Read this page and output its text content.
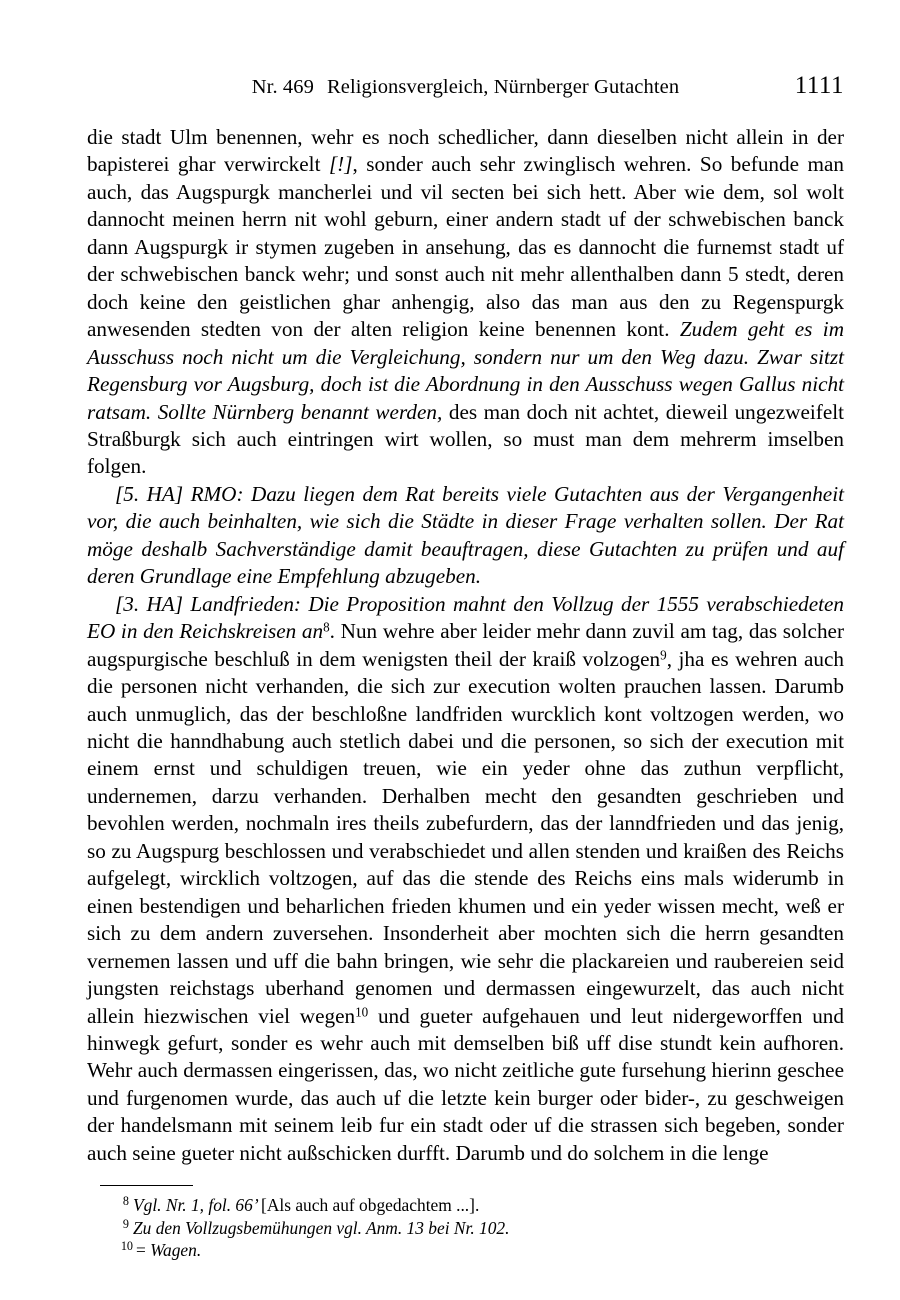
Nr. 469 Religionsvergleich, Nürnberger Gutachten	1111

die stadt Ulm benennen, wehr es noch schedlicher, dann dieselben nicht allein in der bapisterei ghar verwirckelt [!], sonder auch sehr zwinglisch wehren. So befunde man auch, das Augspurgk mancherlei und vil secten bei sich hett. Aber wie dem, sol wolt dannocht meinen herrn nit wohl geburn, einer andern stadt uf der schwebischen banck dann Augspurgk ir stymen zugeben in ansehung, das es dannocht die furnemst stadt uf der schwebischen banck wehr; und sonst auch nit mehr allenthalben dann 5 stedt, deren doch keine den geistlichen ghar anhengig, also das man aus den zu Regenspurgk anwesenden stedten von der alten religion keine benennen kont. Zudem geht es im Ausschuss noch nicht um die Vergleichung, sondern nur um den Weg dazu. Zwar sitzt Regensburg vor Augsburg, doch ist die Abordnung in den Ausschuss wegen Gallus nicht ratsam. Sollte Nürnberg benannt werden, des man doch nit achtet, dieweil ungezweifelt Straßburgk sich auch eintringen wirt wollen, so must man dem mehrerm imselben folgen.

[5. HA] RMO: Dazu liegen dem Rat bereits viele Gutachten aus der Vergangenheit vor, die auch beinhalten, wie sich die Städte in dieser Frage verhalten sollen. Der Rat möge deshalb Sachverständige damit beauftragen, diese Gutachten zu prüfen und auf deren Grundlage eine Empfehlung abzugeben.

[3. HA] Landfrieden: Die Proposition mahnt den Vollzug der 1555 verabschiedeten EO in den Reichskreisen $an^8$. Nun wehre aber leider mehr dann zuvil am tag, das solcher augspurgische beschluß in dem wenigsten theil der kraiß volzogen$^9$, jha es wehren auch die personen nicht verhanden, die sich zur execution wolten prauchen lassen. Darumb auch unmuglich, das der beschloßne landfriden wurcklich kont voltzogen werden, wo nicht die hanndhabung auch stetlich dabei und die personen, so sich der execution mit einem ernst und schuldigen treuen, wie ein yeder ohne das zuthun verpflicht, undernemen, darzu verhanden. Derhalben mecht den gesandten geschrieben und bevohlen werden, nochmaln ires theils zubefurdern, das der lanndfrieden und das jenig, so zu Augspurg beschlossen und verabschiedet und allen stenden und kraißen des Reichs aufgelegt, wircklich voltzogen, auf das die stende des Reichs eins mals widerumb in einen bestendigen und beharlichen frieden khumen und ein yeder wissen mecht, weß er sich zu dem andern zuversehen. Insonderheit aber mochten sich die herrn gesandten vernemen lassen und uff die bahn bringen, wie sehr die plackareien und raubereien seid jungsten reichstags uberhand genomen und dermassen eingewurzelt, das auch nicht allein hiezwischen viel wegen$^{10}$ und gueter aufgehauen und leut nidergeworffen und hinwegk gefurt, sonder es wehr auch mit demselben biß uff dise stundt kein aufhoren. Wehr auch dermassen eingerissen, das, wo nicht zeitliche gute fursehung hierinn geschee und furgenomen wurde, das auch uf die letzte kein burger oder bider-, zu geschweigen der handelsmann mit seinem leib fur ein stadt oder uf die strassen sich begeben, sonder auch seine gueter nicht außschicken durfft. Darumb und do solchem in die lenge

8 Vgl. Nr. 1, fol. 66’ [Als auch auf obgedachtem ...].
9 Zu den Vollzugsbemühungen vgl. Anm. 13 bei Nr. 102.
10 = Wagen.
